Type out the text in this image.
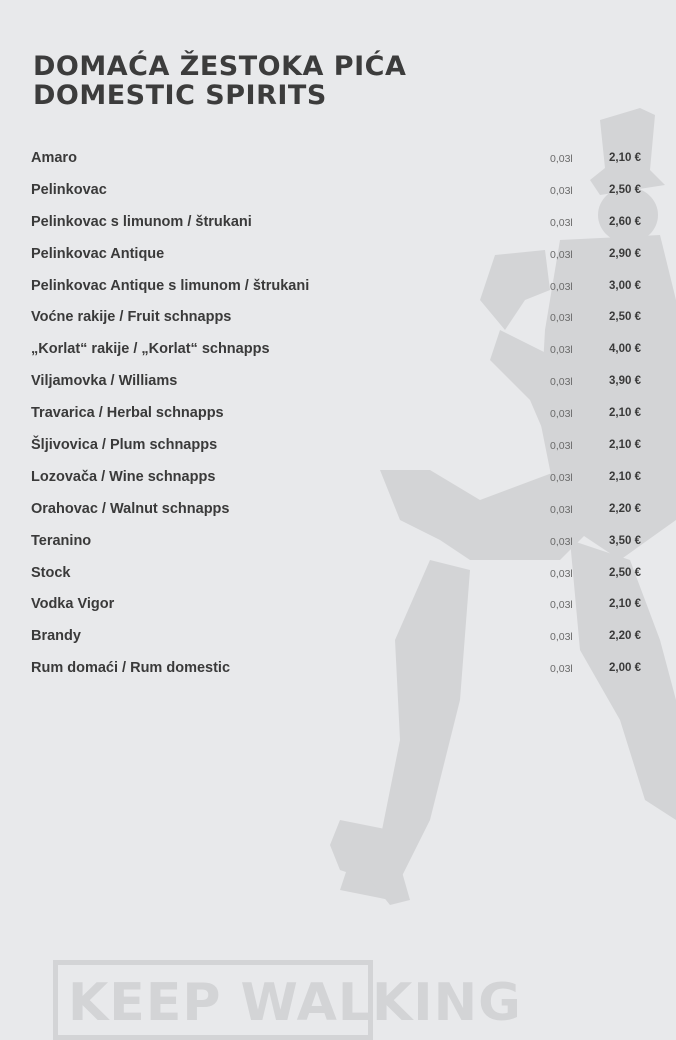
KEEP WALKING
DOMAĆA ŽESTOKA PIĆA
DOMESTIC SPIRITS
Amaro	0,03l	2,10 €
Pelinkovac	0,03l	2,50 €
Pelinkovac s limunom / štrukani	0,03l	2,60 €
Pelinkovac Antique	0,03l	2,90 €
Pelinkovac Antique s limunom / štrukani	0,03l	3,00 €
Voćne rakije / Fruit schnapps	0,03l	2,50 €
„Korlat“ rakije / „Korlat“ schnapps	0,03l	4,00 €
Viljamovka / Williams	0,03l	3,90 €
Travarica / Herbal schnapps	0,03l	2,10 €
Šljivovica / Plum schnapps	0,03l	2,10 €
Lozovača / Wine schnapps	0,03l	2,10 €
Orahovac / Walnut schnapps	0,03l	2,20 €
Teranino	0,03l	3,50 €
Stock	0,03l	2,50 €
Vodka Vigor	0,03l	2,10 €
Brandy	0,03l	2,20 €
Rum domaći / Rum domestic	0,03l	2,00 €
